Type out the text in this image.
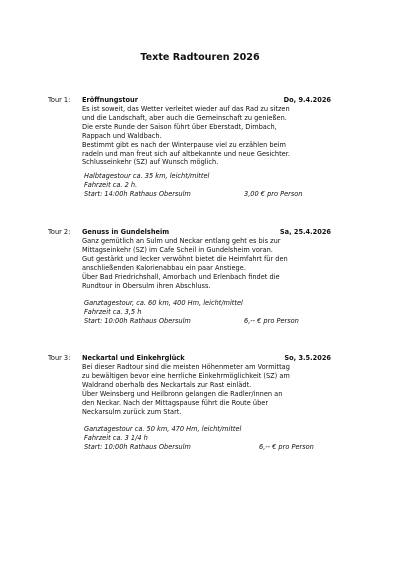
Texte Radtouren 2026
Tour 1: Eröffnungstour	Do, 9.4.2026
Es ist soweit, das Wetter verleitet wieder auf das Rad zu sitzen
und die Landschaft, aber auch die Gemeinschaft zu genießen.
Die erste Runde der Saison führt über Eberstadt, Dimbach,
Rappach und Waldbach.
Bestimmt gibt es nach der Winterpause viel zu erzählen beim
radeln und man freut sich auf altbekannte und neue Gesichter.
Schlusseinkehr (SZ) auf Wunsch möglich.
Halbtagestour ca. 35 km, leicht/mittel
Fahrzeit ca. 2 h.
Start: 14:00h Rathaus Obersulm	3,00 € pro Person
Tour 2: Genuss in Gundelsheim	Sa, 25.4.2026
Ganz gemütlich an Sulm und Neckar entlang geht es bis zur
Mittagseinkehr (SZ) im Cafe Scheil in Gundelsheim voran.
Gut gestärkt und lecker verwöhnt bietet die Heimfahrt für den
anschließenden Kalorienabbau ein paar Anstiege.
Über Bad Friedrichshall, Amorbach und Erlenbach findet die
Rundtour in Obersulm ihren Abschluss.
Ganztagestour, ca. 60 km, 400 Hm, leicht/mittel
Fahrzeit ca. 3,5 h
Start: 10:00h Rathaus Obersulm	6,-- € pro Person
Tour 3: Neckartal und Einkehrglück	So, 3.5.2026
Bei dieser Radtour sind die meisten Höhenmeter am Vormittag
zu bewältigen bevor eine herrliche Einkehrmöglichkeit (SZ) am
Waldrand oberhalb des Neckartals zur Rast einlädt.
Über Weinsberg und Heilbronn gelangen die Radler/innen an
den Neckar. Nach der Mittagspause führt die Route über
Neckarsulm zurück zum Start.
Ganztagestour ca. 50 km, 470 Hm, leicht/mittel
Fahrzeit ca. 3 1/4 h
Start: 10:00h Rathaus Obersulm	6,-- € pro Person
